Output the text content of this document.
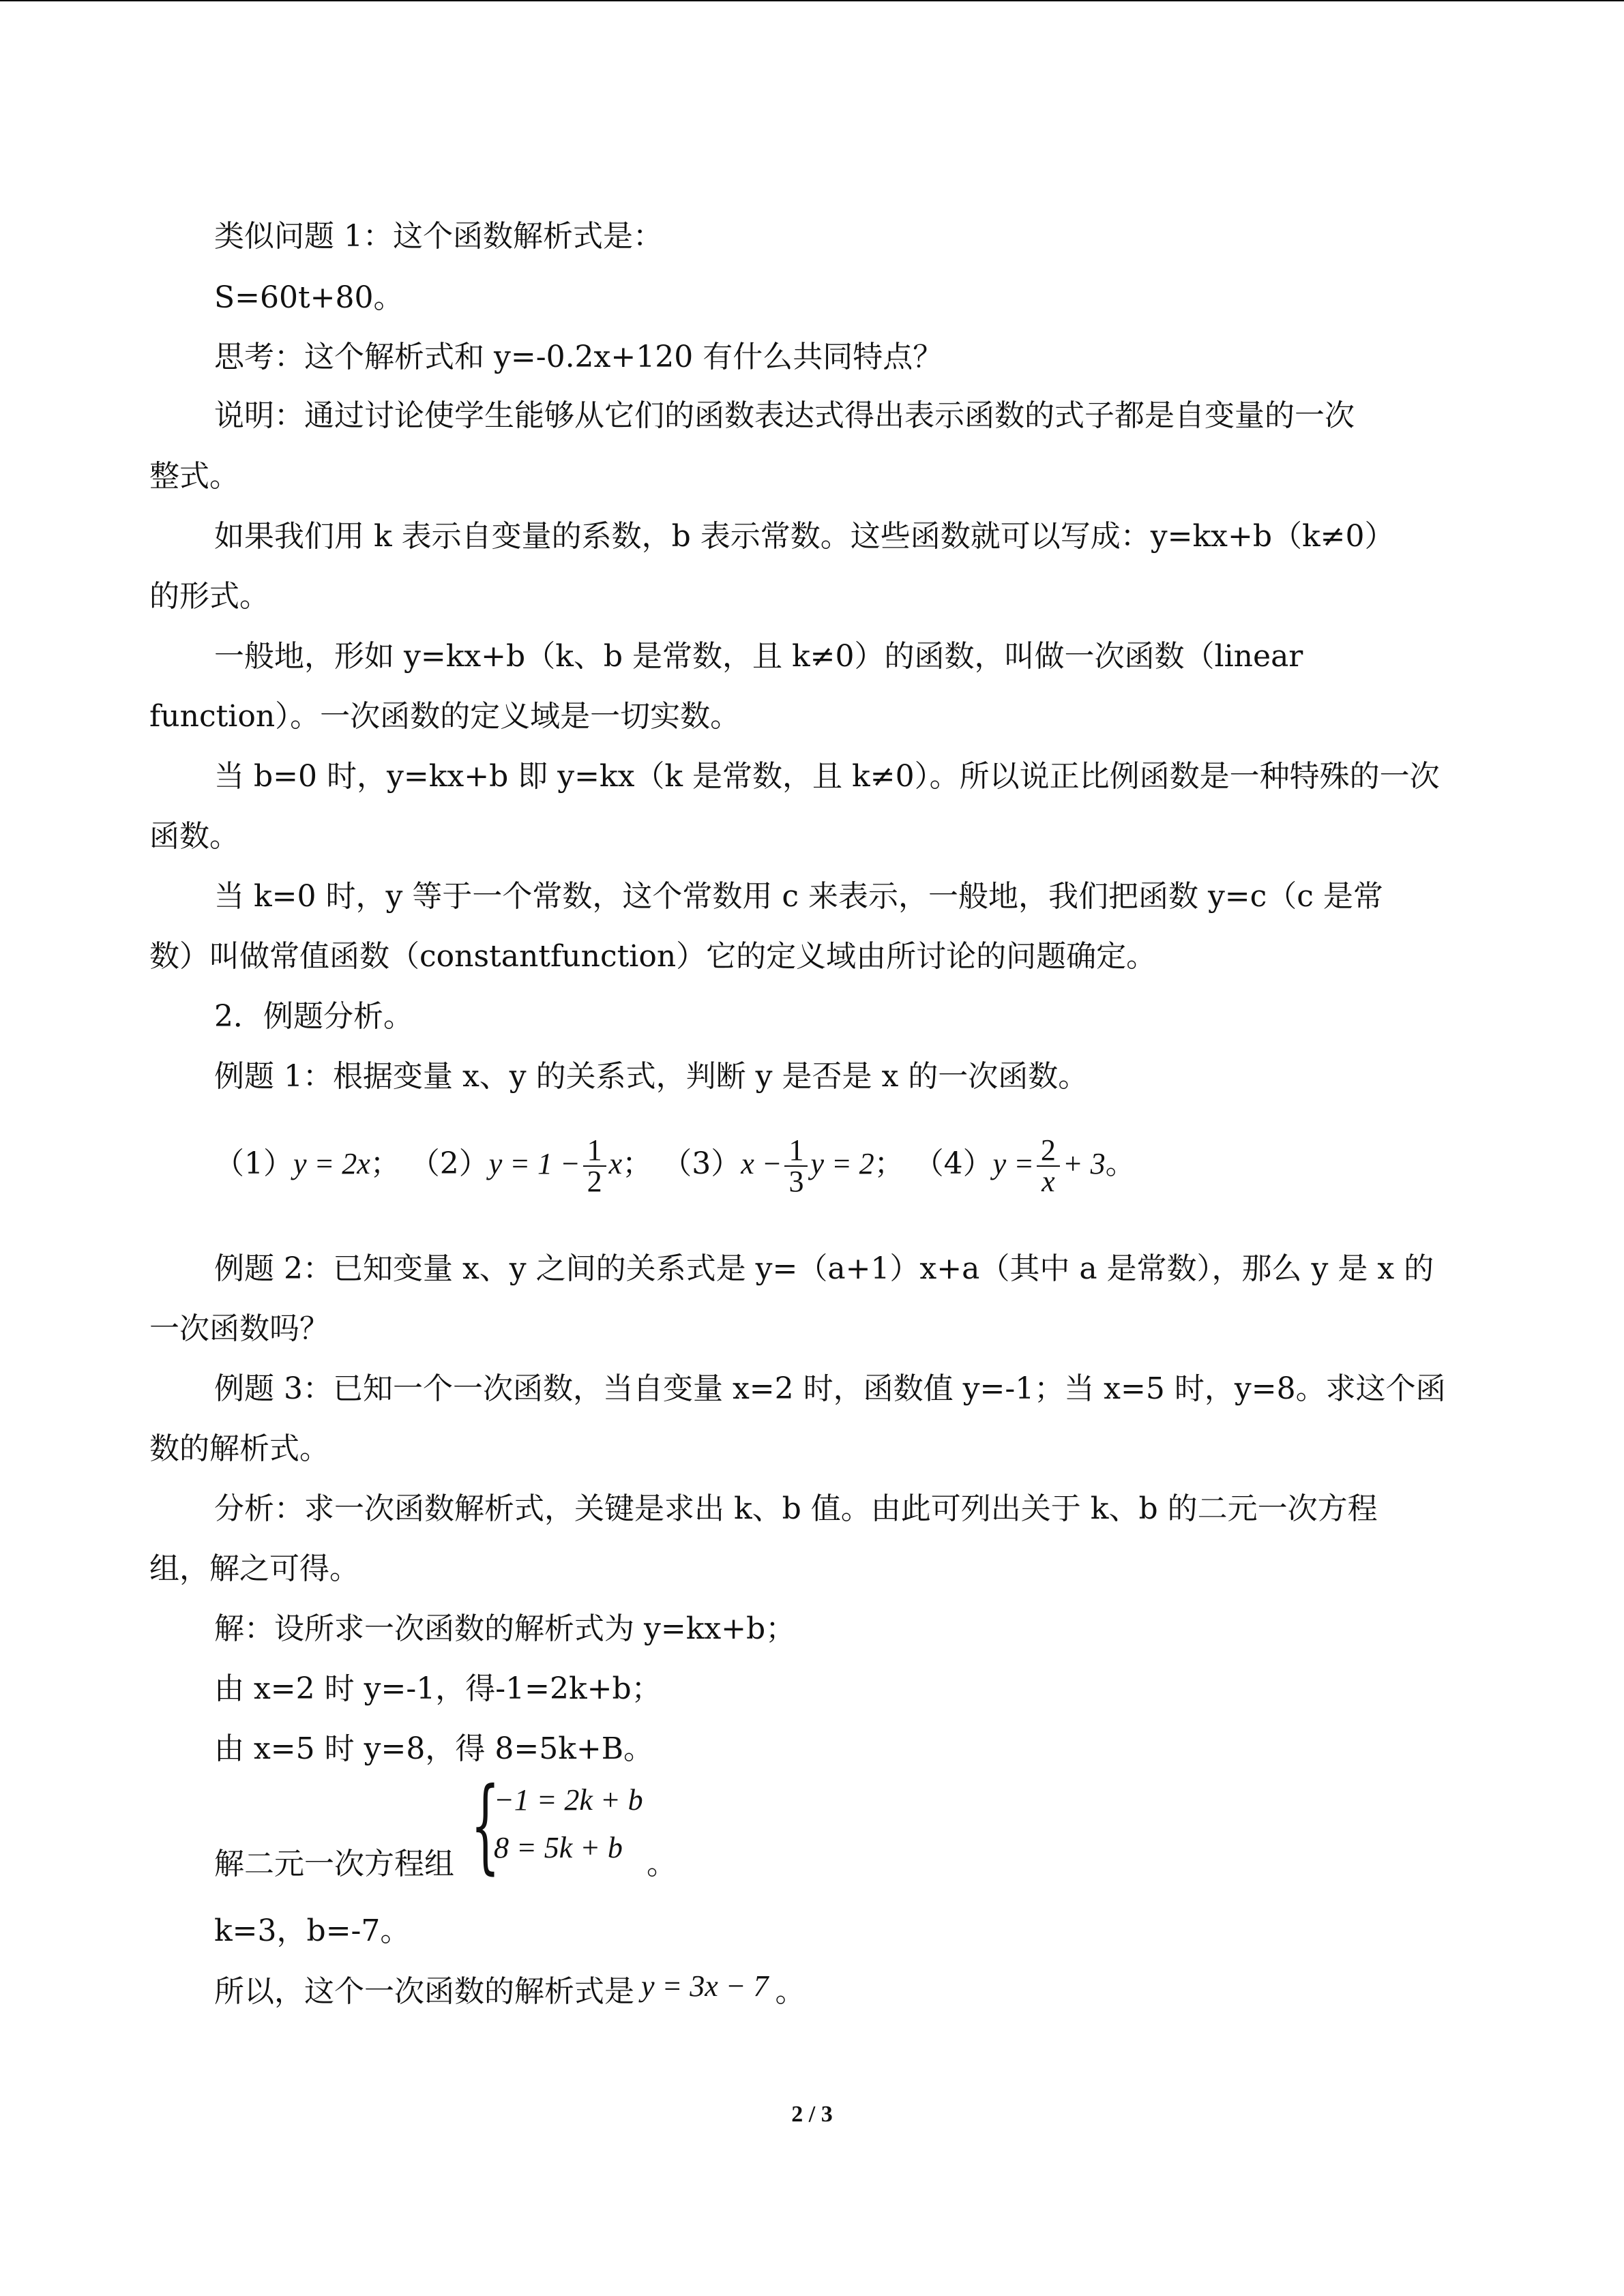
类似问题 1：这个函数解析式是：
S=60t+80。
思考：这个解析式和 y=-0.2x+120 有什么共同特点？
说明：通过讨论使学生能够从它们的函数表达式得出表示函数的式子都是自变量的一次
整式。
如果我们用 k 表示自变量的系数，b 表示常数。这些函数就可以写成：y=kx+b（k≠0）
的形式。
一般地，形如 y=kx+b（k、b 是常数，且 k≠0）的函数，叫做一次函数（linear
function）。一次函数的定义域是一切实数。
当 b=0 时，y=kx+b 即 y=kx（k 是常数，且 k≠0）。所以说正比例函数是一种特殊的一次
函数。
当 k=0 时，y 等于一个常数，这个常数用 c 来表示，一般地，我们把函数 y=c（c 是常
数）叫做常值函数（constantfunction）它的定义域由所讨论的问题确定。
2．例题分析。
例题 1：根据变量 x、y 的关系式，判断 y 是否是 x 的一次函数。
（1）y = 2x； $(2)y = 1 - \frac{1}{2}$ x； $(3)x - \frac{1}{3}$ y = 2； $(4)y = \frac{2}{x} + 3$。
例题 2：已知变量 x、y 之间的关系式是 y=（a+1）x+a（其中 a 是常数），那么 y 是 x 的
一次函数吗？
例题 3：已知一个一次函数，当自变量 x=2 时，函数值 y=-1；当 x=5 时，y=8。求这个函
数的解析式。
分析：求一次函数解析式，关键是求出 k、b 值。由此可列出关于 k、b 的二元一次方程
组，解之可得。
解：设所求一次函数的解析式为 y=kx+b；
由 x=2 时 y=-1，得-1=2k+b；
由 x=5 时 y=8，得 8=5k+B。
{
−1 = 2k + b
8 = 5k + b
解二元一次方程组	。
k=3，b=-7。
所以，这个一次函数的解析式是 y = 3x − 7 。
2 / 3
